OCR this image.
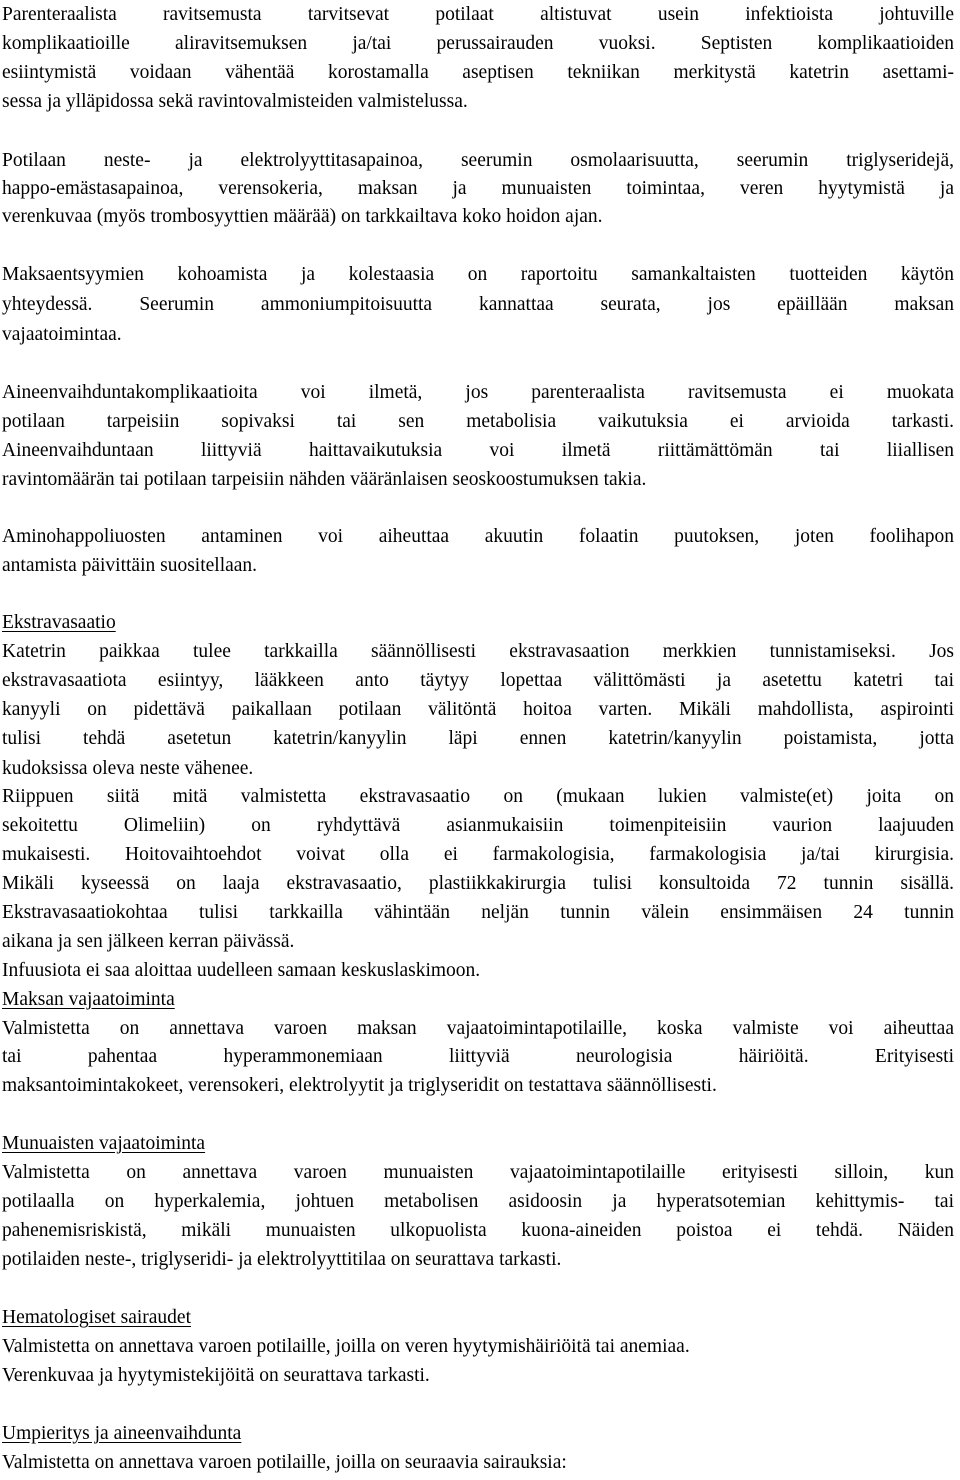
Parenteraalista ravitsemusta tarvitsevat potilaat altistuvat usein infektioista johtuville
komplikaatioille aliravitsemuksen ja/tai perussairauden vuoksi. Septisten komplikaatioiden
esiintymistä voidaan vähentää korostamalla aseptisen tekniikan merkitystä katetrin asettami-
sessa ja ylläpidossa sekä ravintovalmisteiden valmistelussa.
Potilaan neste- ja elektrolyyttitasapainoa, seerumin osmolaarisuutta, seerumin triglyseridejä,
happo-emästasapainoa, verensokeria, maksan ja munuaisten toimintaa, veren hyytymistä ja
verenkuvaa (myös trombosyyttien määrää) on tarkkailtava koko hoidon ajan.
Maksaentsyymien kohoamista ja kolestaasia on raportoitu samankaltaisten tuotteiden käytön
yhteydessä. Seerumin ammoniumpitoisuutta kannattaa seurata, jos epäillään maksan
vajaatoimintaa.
Aineenvaihduntakomplikaatioita voi ilmetä, jos parenteraalista ravitsemusta ei muokata
potilaan tarpeisiin sopivaksi tai sen metabolisia vaikutuksia ei arvioida tarkasti.
Aineenvaihduntaan liittyviä haittavaikutuksia voi ilmetä riittämättömän tai liiallisen
ravintomäärän tai potilaan tarpeisiin nähden vääränlaisen seoskoostumuksen takia.
Aminohappoliuosten antaminen voi aiheuttaa akuutin folaatin puutoksen, joten foolihapon
antamista päivittäin suositellaan.
Ekstravasaatio
Katetrin paikkaa tulee tarkkailla säännöllisesti ekstravasaation merkkien tunnistamiseksi. Jos
ekstravasaatiota esiintyy, lääkkeen anto täytyy lopettaa välittömästi ja asetettu katetri tai
kanyyli on pidettävä paikallaan potilaan välitöntä hoitoa varten. Mikäli mahdollista, aspirointi
tulisi tehdä asetetun katetrin/kanyylin läpi ennen katetrin/kanyylin poistamista, jotta
kudoksissa oleva neste vähenee.
Riippuen siitä mitä valmistetta ekstravasaatio on (mukaan lukien valmiste(et) joita on
sekoitettu Olimeliin) on ryhdyttävä asianmukaisiin toimenpiteisiin vaurion laajuuden
mukaisesti. Hoitovaihtoehdot voivat olla ei farmakologisia, farmakologisia ja/tai kirurgisia.
Mikäli kyseessä on laaja ekstravasaatio, plastiikkakirurgia tulisi konsultoida 72 tunnin sisällä.
Ekstravasaatiokohtaa tulisi tarkkailla vähintään neljän tunnin välein ensimmäisen 24 tunnin
aikana ja sen jälkeen kerran päivässä.
Infuusiota ei saa aloittaa uudelleen samaan keskuslaskimoon.
Maksan vajaatoiminta
Valmistetta on annettava varoen maksan vajaatoimintapotilaille, koska valmiste voi aiheuttaa
tai pahentaa hyperammonemiaan liittyviä neurologisia häiriöitä. Erityisesti
maksantoimintakokeet, verensokeri, elektrolyytit ja triglyseridit on testattava säännöllisesti.
Munuaisten vajaatoiminta
Valmistetta on annettava varoen munuaisten vajaatoimintapotilaille erityisesti silloin, kun
potilaalla on hyperkalemia, johtuen metabolisen asidoosin ja hyperatsotemian kehittymis- tai
pahenemisriskistä, mikäli munuaisten ulkopuolista kuona-aineiden poistoa ei tehdä. Näiden
potilaiden neste-, triglyseridi- ja elektrolyyttitilaa on seurattava tarkasti.
Hematologiset sairaudet
Valmistetta on annettava varoen potilaille, joilla on veren hyytymishäiriöitä tai anemiaa.
Verenkuvaa ja hyytymistekijöitä on seurattava tarkasti.
Umpieritys ja aineenvaihdunta
Valmistetta on annettava varoen potilaille, joilla on seuraavia sairauksia:
